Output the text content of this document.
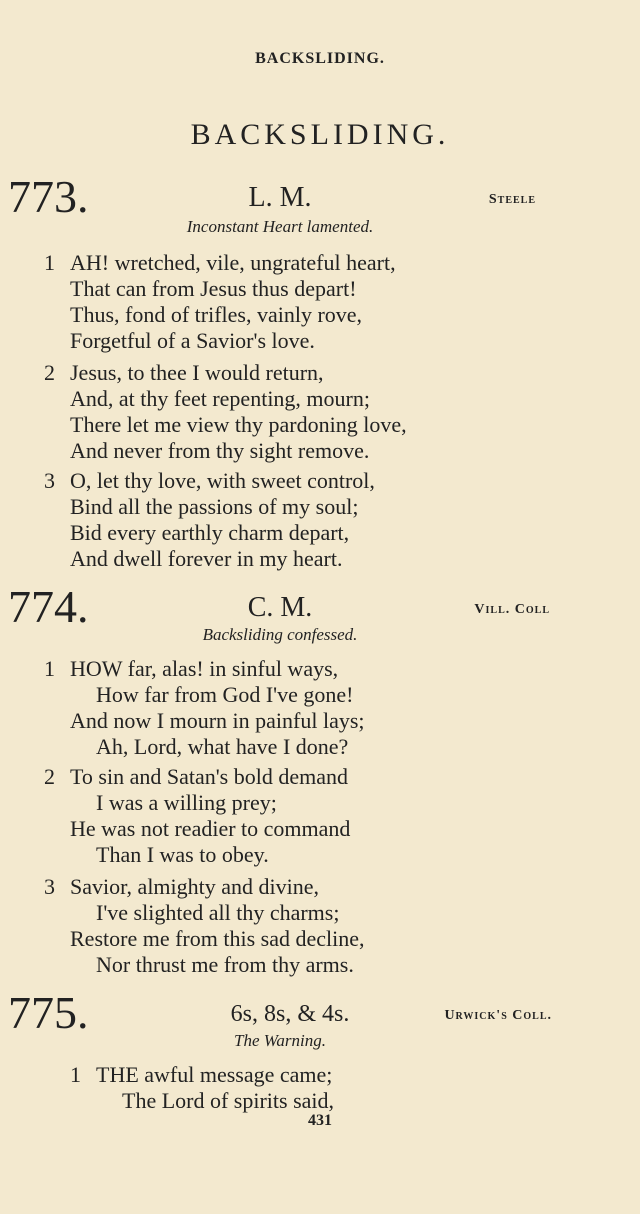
BACKSLIDING.
BACKSLIDING.
773.	L. M.	Steele
Inconstant Heart lamented.
1 AH! wretched, vile, ungrateful heart,
That can from Jesus thus depart!
Thus, fond of trifles, vainly rove,
Forgetful of a Savior's love.
2 Jesus, to thee I would return,
And, at thy feet repenting, mourn;
There let me view thy pardoning love,
And never from thy sight remove.
3 O, let thy love, with sweet control,
Bind all the passions of my soul;
Bid every earthly charm depart,
And dwell forever in my heart.
774.	C. M.	Vill. Coll
Backsliding confessed.
1 HOW far, alas! in sinful ways,
How far from God I've gone!
And now I mourn in painful lays;
Ah, Lord, what have I done?
2 To sin and Satan's bold demand
I was a willing prey;
He was not readier to command
Than I was to obey.
3 Savior, almighty and divine,
I've slighted all thy charms;
Restore me from this sad decline,
Nor thrust me from thy arms.
775.	6s, 8s, & 4s.	Urwick's Coll.
The Warning.
1 THE awful message came;
The Lord of spirits said,
431
